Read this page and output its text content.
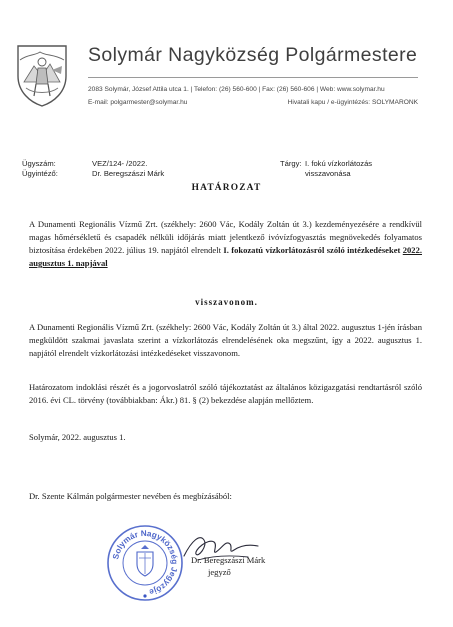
Solymár Nagyközség Polgármestere
2083 Solymár, József Attila utca 1. | Telefon: (26) 560-600 | Fax: (26) 560-606 | Web: www.solymar.hu
E-mail: polgarmester@solymar.hu	Hivatali kapu / e-ügyintézés: SOLYMARONK
Ügyszám:
Ügyintéző:
VEZ/124- /2022.
Dr. Beregszászi Márk
Tárgy: I. fokú vízkorlátozás
visszavonása
HATÁROZAT
A Dunamenti Regionális Vízmű Zrt. (székhely: 2600 Vác, Kodály Zoltán út 3.) kezdeményezésére a rendkívül magas hőmérsékletű és csapadék nélküli időjárás miatt jelentkező ivóvízfogyasztás megnövekedés folyamatos biztosítása érdekében 2022. július 19. napjától elrendelt I. fokozatú vízkorlátozásról szóló intézkedéseket 2022. augusztus 1. napjával
visszavonom.
A Dunamenti Regionális Vízmű Zrt. (székhely: 2600 Vác, Kodály Zoltán út 3.) által 2022. augusztus 1-jén írásban megküldött szakmai javaslata szerint a vízkorlátozás elrendelésének oka megszűnt, így a 2022. augusztus 1. napjától elrendelt vízkorlátozási intézkedéseket visszavonom.
Határozatom indoklási részét és a jogorvoslatról szóló tájékoztatást az általános közigazgatási rendtartásról szóló 2016. évi CL. törvény (továbbiakban: Ákr.) 81. § (2) bekezdése alapján mellőztem.
Solymár, 2022. augusztus 1.
Dr. Szente Kálmán polgármester nevében és megbízásából:
Solymár Nagyközség Jegyzője
Dr. Beregszászi Márk
jegyző
